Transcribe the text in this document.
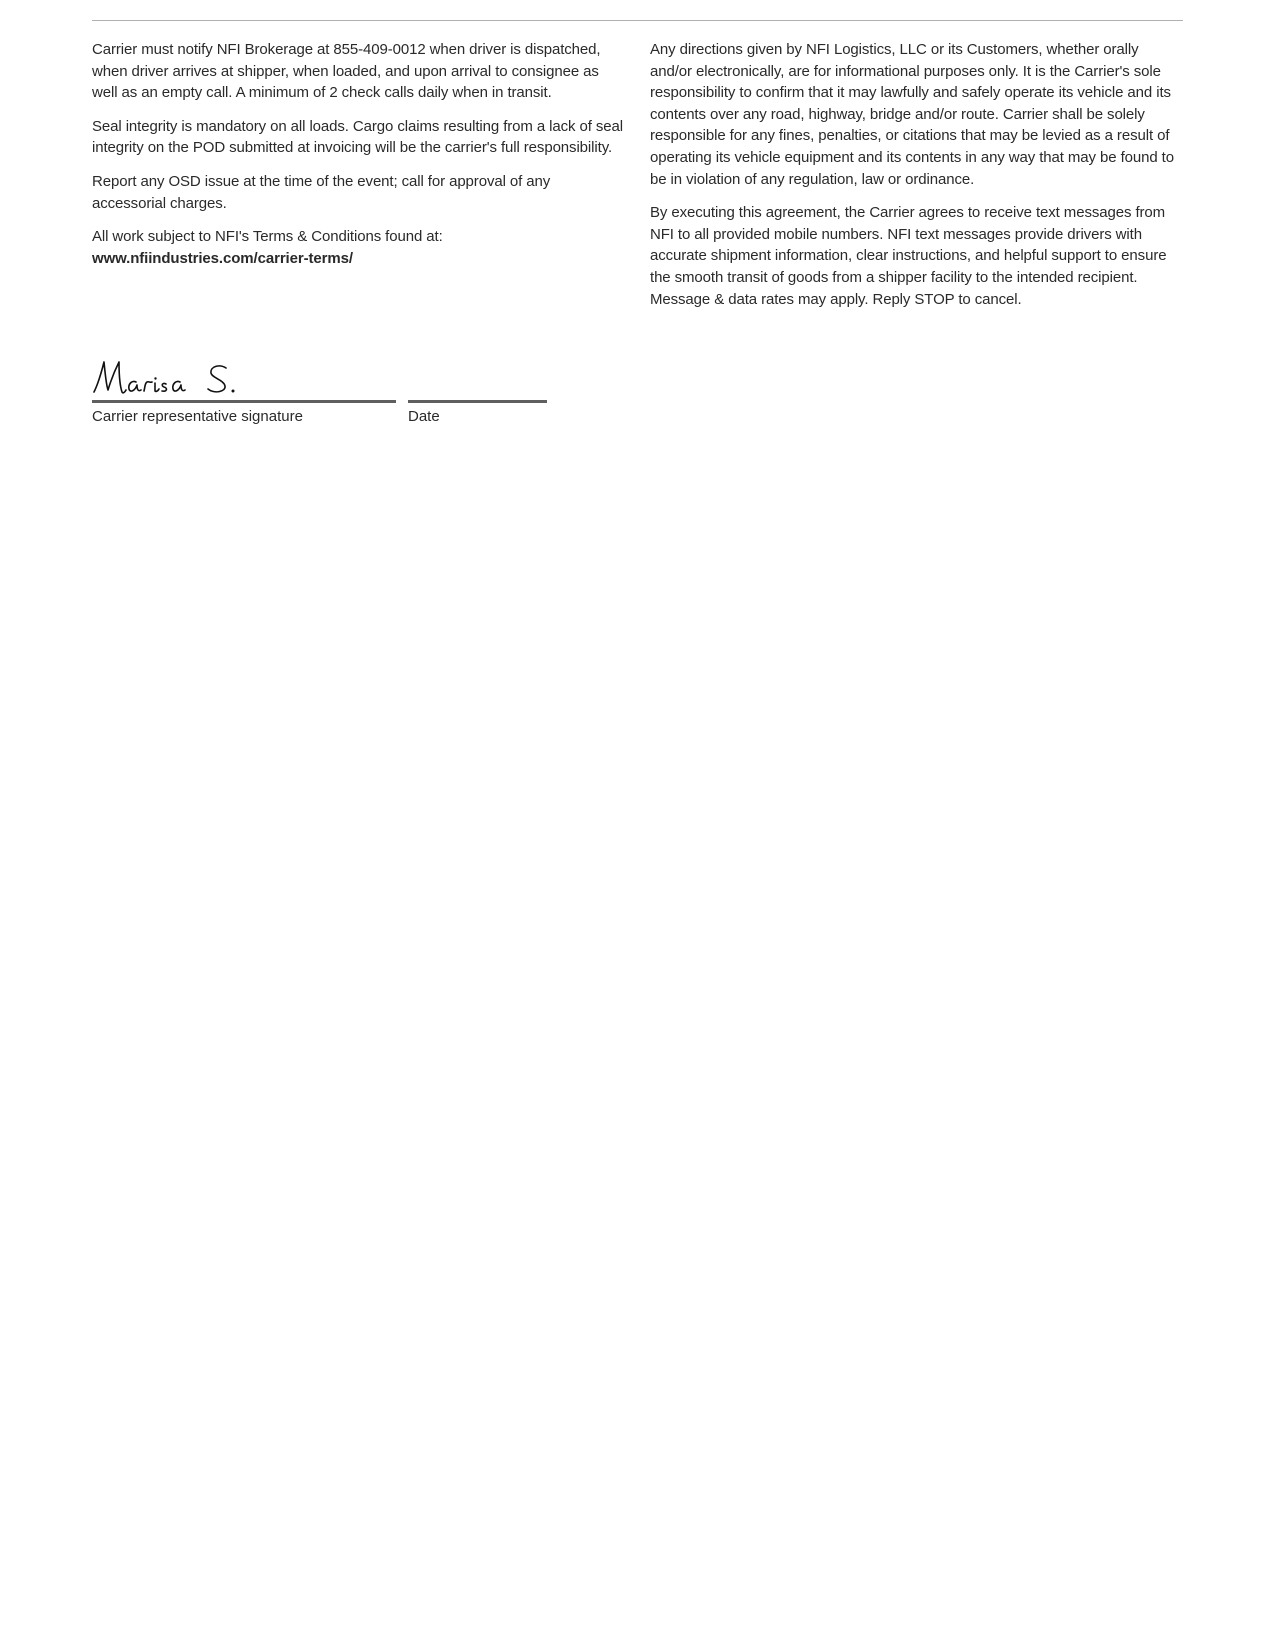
Carrier must notify NFI Brokerage at 855-409-0012 when driver is dispatched, when driver arrives at shipper, when loaded, and upon arrival to consignee as well as an empty call. A minimum of 2 check calls daily when in transit.

Seal integrity is mandatory on all loads. Cargo claims resulting from a lack of seal integrity on the POD submitted at invoicing will be the carrier's full responsibility.

Report any OSD issue at the time of the event; call for approval of any accessorial charges.

All work subject to NFI's Terms & Conditions found at:
www.nfiindustries.com/carrier-terms/

Any directions given by NFI Logistics, LLC or its Customers, whether orally and/or electronically, are for informational purposes only. It is the Carrier's sole responsibility to confirm that it may lawfully and safely operate its vehicle and its contents over any road, highway, bridge and/or route. Carrier shall be solely responsible for any fines, penalties, or citations that may be levied as a result of operating its vehicle equipment and its contents in any way that may be found to be in violation of any regulation, law or ordinance.

By executing this agreement, the Carrier agrees to receive text messages from NFI to all provided mobile numbers. NFI text messages provide drivers with accurate shipment information, clear instructions, and helpful support to ensure the smooth transit of goods from a shipper facility to the intended recipient. Message & data rates may apply. Reply STOP to cancel.

Carrier representative signature	Date
